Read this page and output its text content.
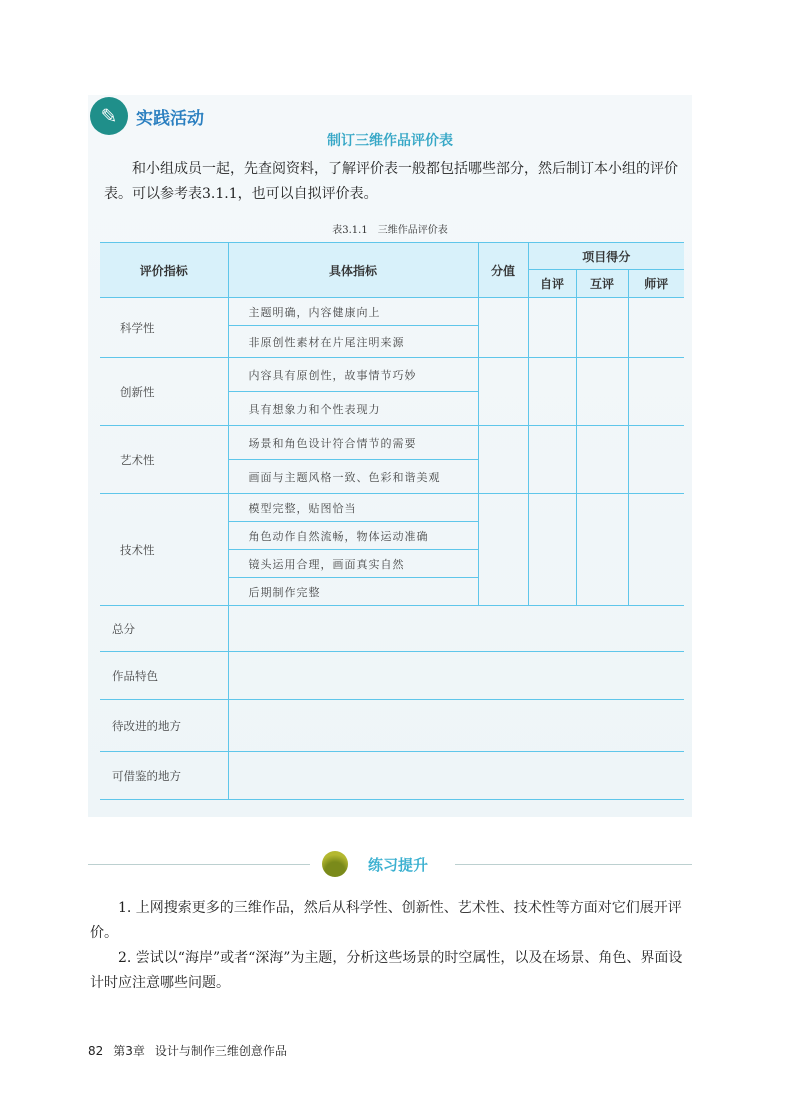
✎	实践活动
制订三维作品评价表
和小组成员一起，先查阅资料，了解评价表一般都包括哪些部分，然后制订本小组的评价表。可以参考表3.1.1，也可以自拟评价表。
表3.1.1　三维作品评价表
评价指标	具体指标	分值	项目得分		
			自评	互评	师评
科学性	主题明确，内容健康向上				
	非原创性素材在片尾注明来源				
创新性	内容具有原创性，故事情节巧妙				
	具有想象力和个性表现力				
艺术性	场景和角色设计符合情节的需要				
	画面与主题风格一致、色彩和谐美观				
技术性	模型完整，贴图恰当				
	角色动作自然流畅，物体运动准确				
	镜头运用合理，画面真实自然				
	后期制作完整				
总分					
作品特色					
待改进的地方					
可借鉴的地方					
练习提升
1. 上网搜索更多的三维作品，然后从科学性、创新性、艺术性、技术性等方面对它们展开评价。
2. 尝试以“海岸”或者“深海”为主题，分析这些场景的时空属性，以及在场景、角色、界面设计时应注意哪些问题。
82 第3章 设计与制作三维创意作品
